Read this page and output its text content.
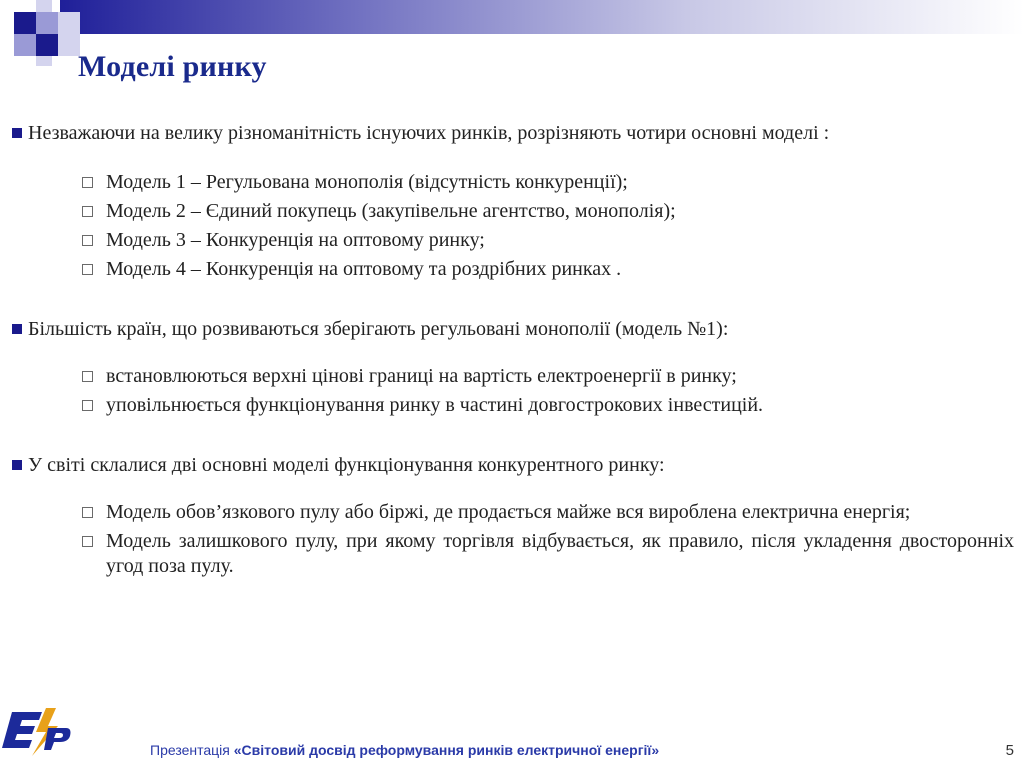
Моделі ринку

Незважаючи на велику різноманітність існуючих ринків, розрізняють чотири основні моделі :

Модель 1 – Регульована монополія (відсутність конкуренції);
Модель 2 – Єдиний покупець (закупівельне агентство, монополія);
Модель 3 – Конкуренція на оптовому ринку;
Модель 4 – Конкуренція на оптовому та роздрібних ринках .

Більшість країн, що розвиваються зберігають регульовані монополії (модель №1):

встановлюються верхні цінові границі на вартість електроенергії в ринку;
уповільнюється функціонування ринку в частині довгострокових інвестицій.

У світі склалися дві основні моделі функціонування конкурентного ринку:

Модель обов’язкового пулу або біржі, де продається майже вся вироблена електрична енергія;
Модель залишкового пулу, при якому торгівля відбувається, як правило, після укладення двосторонніх угод поза пулу.
Презентація «Світовий досвід реформування ринків електричної енергії»	5
